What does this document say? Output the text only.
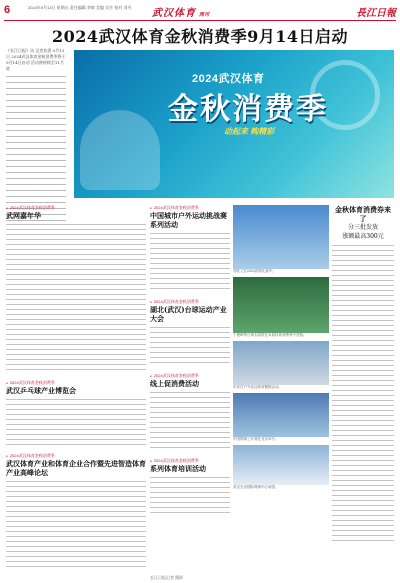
6	2024年9月13日 星期五 责任编辑 李敏 美编 吴芳 校对 刘丹
武汉体育 周刊	長江日報
2024武汉体育金秋消费季9月14日启动
《长江日报》讯 记者获悉 9月13日 2024武汉体育金秋消费季将于9月14日启动 活动将持续至11月底
2024武汉体育
金秋消费季
动起来 购精彩
● 2024武汉体育金秋消费季
武网嘉年华
● 2024武汉体育金秋消费季
武汉乒乓球产业博览会
● 2024武汉体育金秋消费季
武汉体育产业和体育企业合作暨先进智造体育产业高峰论坛
● 2024武汉体育金秋消费季
中国城市户外运动挑战赛系列活动
● 2024武汉体育金秋消费季
湖北(武汉)台球运动产业大会
● 2024武汉体育金秋消费季
线上促消费活动
● 2024武汉体育金秋消费季
系列体育培训活动
郑钦文在2024武网比赛中。
丁俊晖等台球名将将在本届体育消费季中亮相。
市民在户外参加体育锻炼活动。
中国网球公开赛在北京举行。
武汉光谷国际网球中心场馆。
金秋体育消费券来了
分三批发放
涨额最高300元
长江日报记者 摄影
